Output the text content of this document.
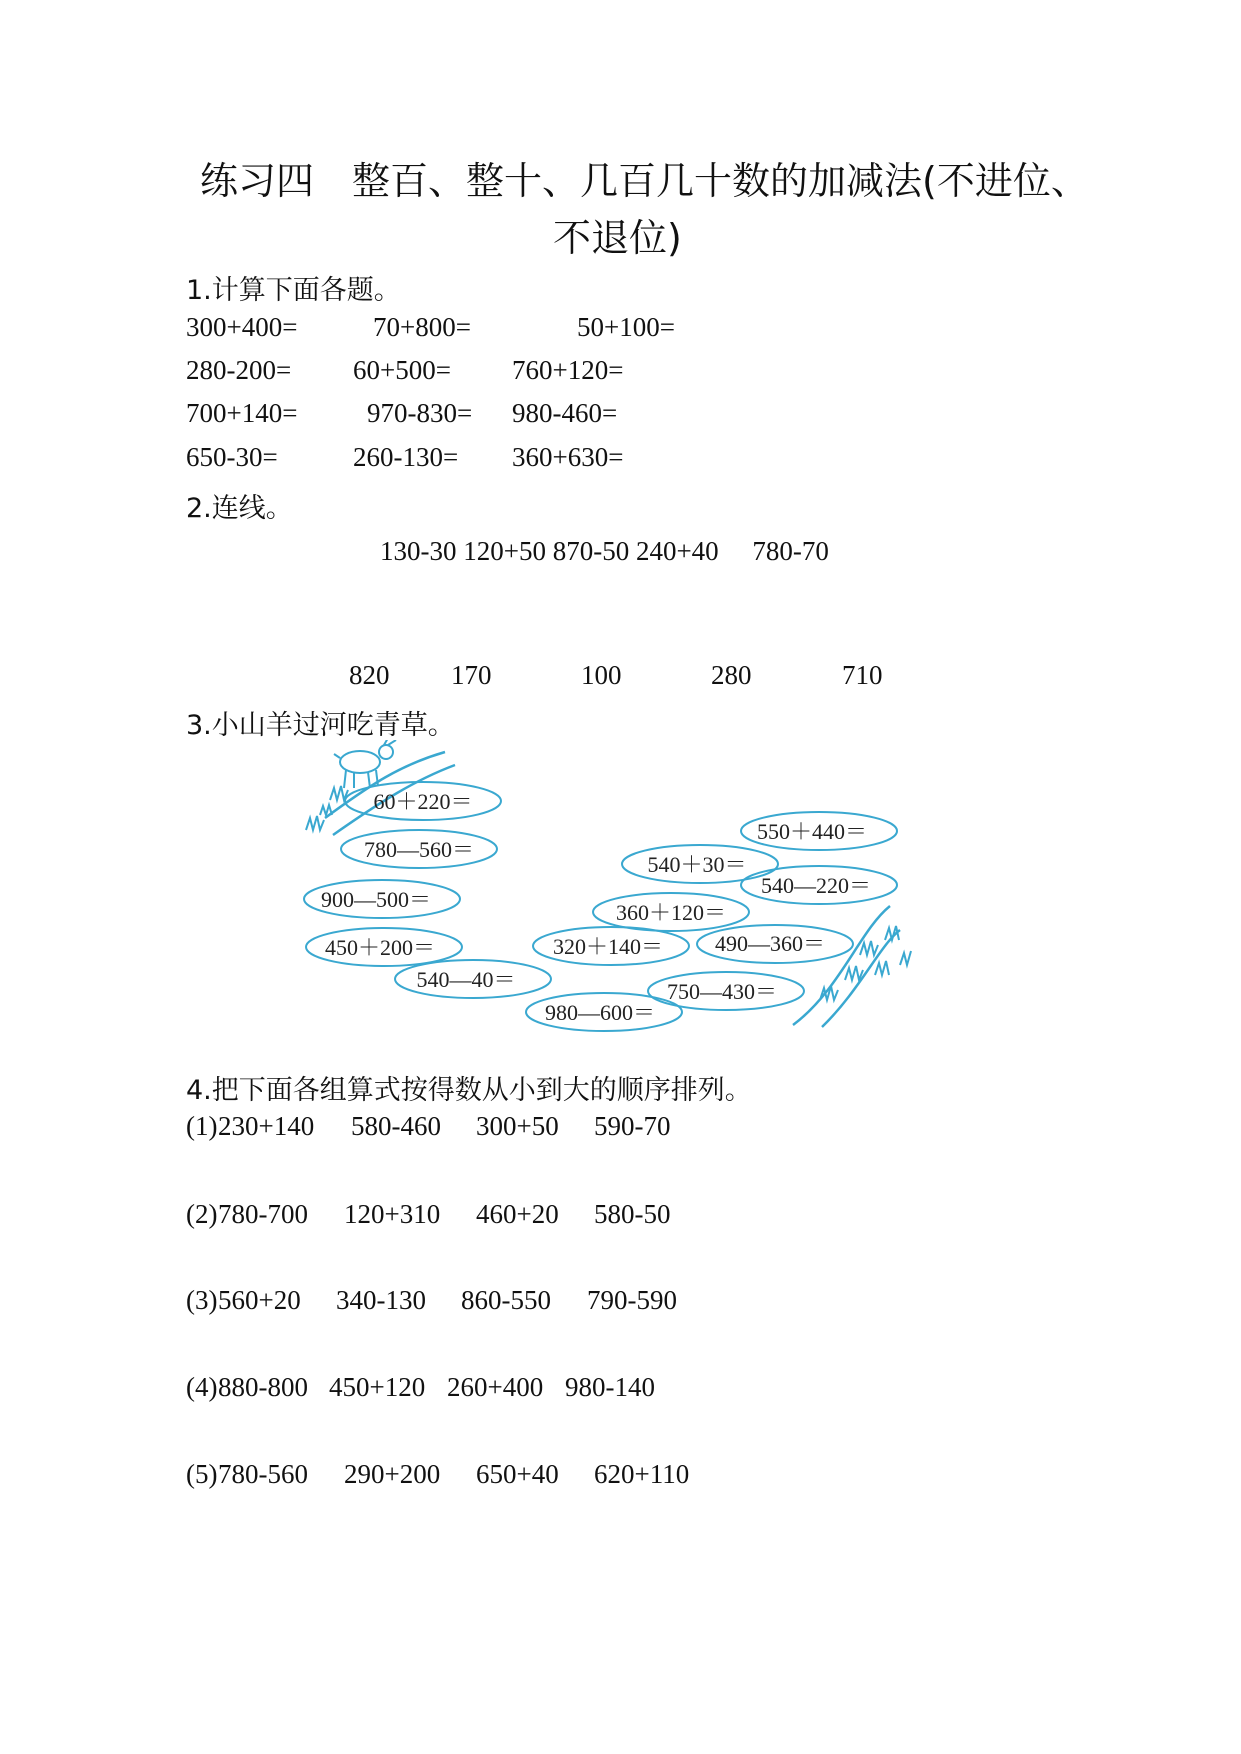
练习四　整百、整十、几百几十数的加减法(不进位、
不退位)
1.计算下面各题。
300+400=	70+800=	50+100=
280-200= 60+500= 760+120=
700+140=	970-830= 980-460=
650-30=	260-130= 360+630=
2.连线。
130-30 120+50 870-50 240+40　 780-70
820 170	100	280	710
3.小山羊过河吃青草。
60＋220＝
780—560＝
900—500＝
450＋200＝
540—40＝
980—600＝
320＋140＝
360＋120＝
540＋30＝
550＋440＝
540—220＝
490—360＝
750—430＝
4.把下面各组算式按得数从小到大的顺序排列。
(1) 230+140 580-460 300+50 590-70
(2) 780-700 120+310 460+20 580-50
(3) 560+20 340-130 860-550 790-590
(4) 880-800 450+120 260+400 980-140
(5) 780-560 290+200 650+40 620+110
